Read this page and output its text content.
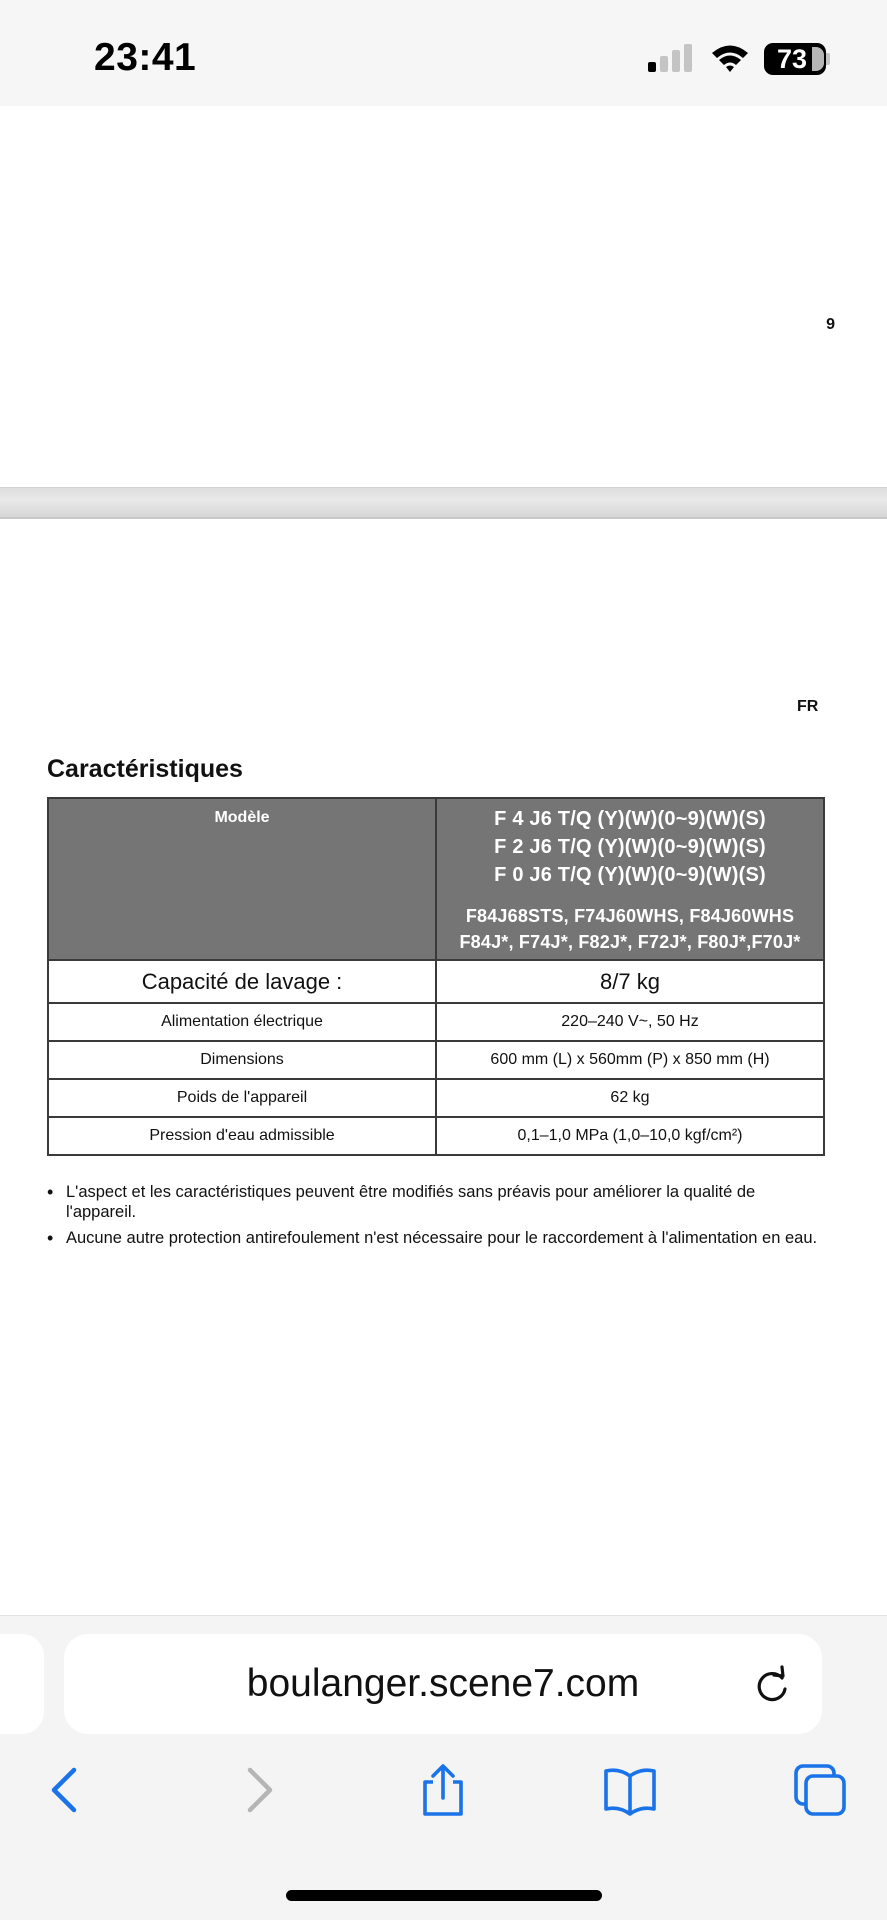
23:41	73
9
FR
Caractéristiques
Modèle	F 4 J6 T/Q (Y)(W)(0~9)(W)(S)
F 2 J6 T/Q (Y)(W)(0~9)(W)(S)
F 0 J6 T/Q (Y)(W)(0~9)(W)(S)
F84J68STS, F74J60WHS, F84J60WHS
F84J*, F74J*, F82J*, F72J*, F80J*,F70J*

Capacité de lavage :	8/7 kg
Alimentation électrique	220–240 V~, 50 Hz
Dimensions	600 mm (L) x 560mm (P) x 850 mm (H)
Poids de l'appareil	62 kg
Pression d'eau admissible	0,1–1,0 MPa (1,0–10,0 kgf/cm²)
• L'aspect et les caractéristiques peuvent être modifiés sans préavis pour améliorer la qualité de l'appareil.
• Aucune autre protection antirefoulement n'est nécessaire pour le raccordement à l'alimentation en eau.
boulanger.scene7.com
